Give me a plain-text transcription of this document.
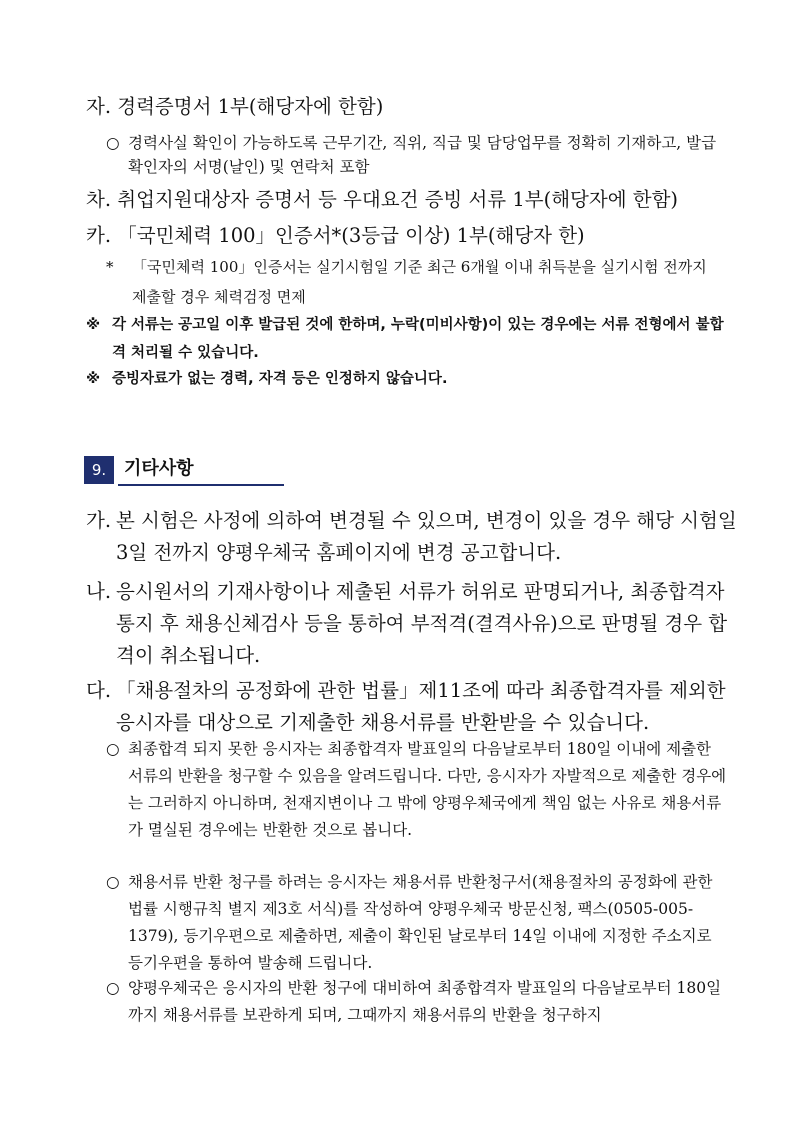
자. 경력증명서 1부(해당자에 한함)
○ 경력사실 확인이 가능하도록 근무기간, 직위, 직급 및 담당업무를 정확히 기재하고, 발급확인자의 서명(날인) 및 연락처 포함
차. 취업지원대상자 증명서 등 우대요건 증빙 서류 1부(해당자에 한함)
카. 「국민체력 100」인증서*(3등급 이상) 1부(해당자 한)
*	「국민체력 100」인증서는 실기시험일 기준 최근 6개월 이내 취득분을 실기시험 전까지 제출할 경우 체력검정 면제
※ 각 서류는 공고일 이후 발급된 것에 한하며, 누락(미비사항)이 있는 경우에는 서류 전형에서 불합격 처리될 수 있습니다.
※ 증빙자료가 없는 경력, 자격 등은 인정하지 않습니다.
9. 기타사항
가. 본 시험은 사정에 의하여 변경될 수 있으며, 변경이 있을 경우 해당 시험일 3일 전까지 양평우체국 홈페이지에 변경 공고합니다.
나. 응시원서의 기재사항이나 제출된 서류가 허위로 판명되거나, 최종합격자 통지 후 채용신체검사 등을 통하여 부적격(결격사유)으로 판명될 경우 합격이 취소됩니다.
다. 「채용절차의 공정화에 관한 법률」제11조에 따라 최종합격자를 제외한 응시자를 대상으로 기제출한 채용서류를 반환받을 수 있습니다.
○ 최종합격 되지 못한 응시자는 최종합격자 발표일의 다음날로부터 180일 이내에 제출한 서류의 반환을 청구할 수 있음을 알려드립니다. 다만, 응시자가 자발적으로 제출한 경우에는 그러하지 아니하며, 천재지변이나 그 밖에 양평우체국에게 책임 없는 사유로 채용서류가 멸실된 경우에는 반환한 것으로 봅니다.
○ 채용서류 반환 청구를 하려는 응시자는 채용서류 반환청구서(채용절차의 공정화에 관한 법률 시행규칙 별지 제3호 서식)를 작성하여 양평우체국 방문신청, 팩스(0505-005-1379), 등기우편으로 제출하면, 제출이 확인된 날로부터 14일 이내에 지정한 주소지로 등기우편을 통하여 발송해 드립니다.
○ 양평우체국은 응시자의 반환 청구에 대비하여 최종합격자 발표일의 다음날로부터 180일까지 채용서류를 보관하게 되며, 그때까지 채용서류의 반환을 청구하지
